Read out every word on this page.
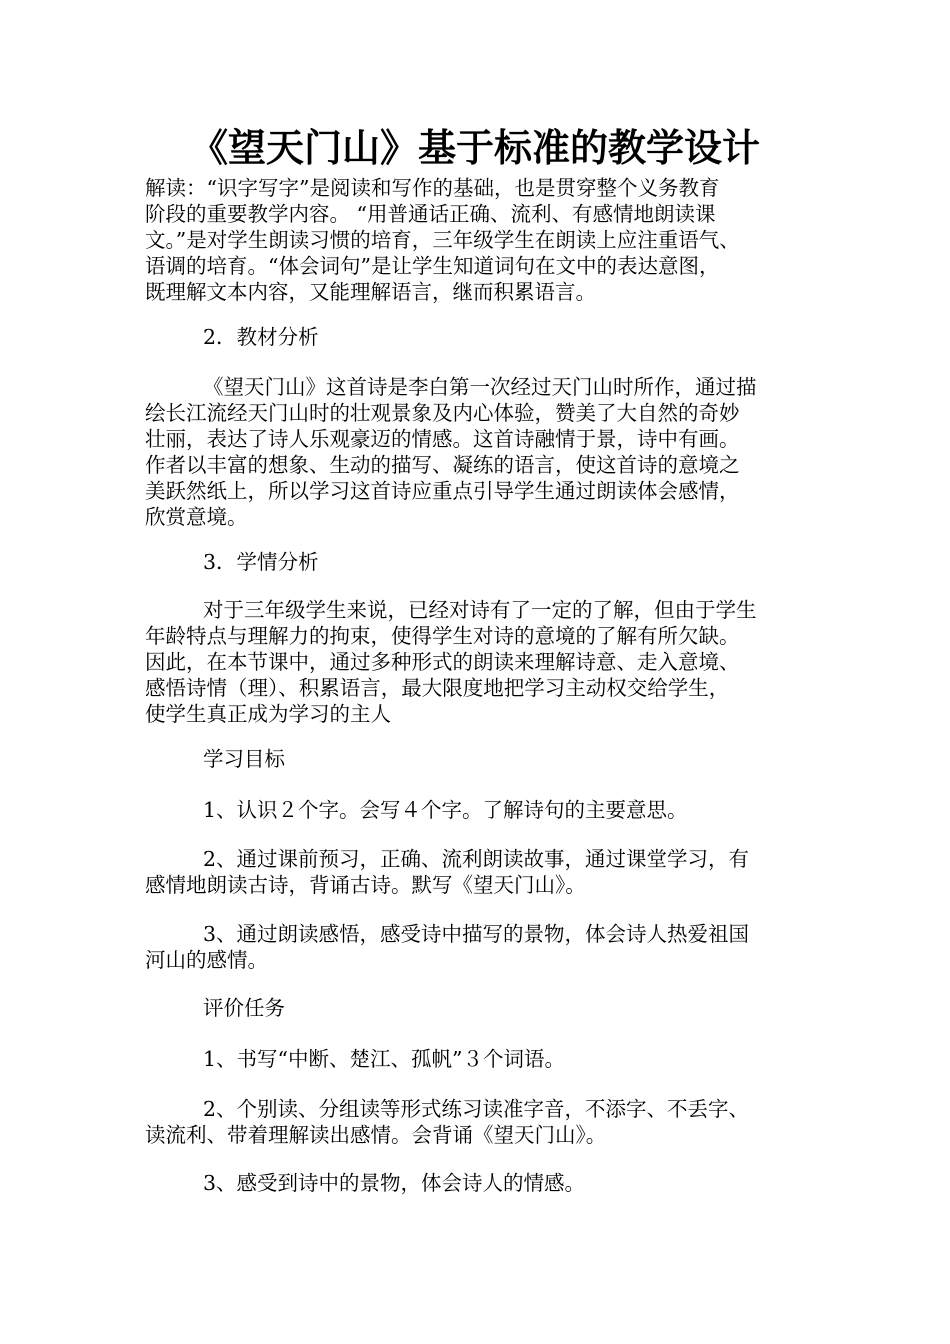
《望天门山》基于标准的教学设计

解读：“识字写字”是阅读和写作的基础，也是贯穿整个义务教育

阶段的重要教学内容。 “用普通话正确、流利、有感情地朗读课

文。”是对学生朗读习惯的培育，三年级学生在朗读上应注重语气、

语调的培育。“体会词句”是让学生知道词句在文中的表达意图，

既理解文本内容，又能理解语言，继而积累语言。

2．教材分析

《望天门山》这首诗是李白第一次经过天门山时所作，通过描

绘长江流经天门山时的壮观景象及内心体验，赞美了大自然的奇妙

壮丽，表达了诗人乐观豪迈的情感。这首诗融情于景，诗中有画。

作者以丰富的想象、生动的描写、凝练的语言，使这首诗的意境之

美跃然纸上，所以学习这首诗应重点引导学生通过朗读体会感情，

欣赏意境。

3．学情分析

对于三年级学生来说，已经对诗有了一定的了解，但由于学生

年龄特点与理解力的拘束，使得学生对诗的意境的了解有所欠缺。

因此，在本节课中，通过多种形式的朗读来理解诗意、走入意境、

感悟诗情（理）、积累语言，最大限度地把学习主动权交给学生，

使学生真正成为学习的主人

学习目标

1、认识２个字。会写４个字。了解诗句的主要意思。

2、通过课前预习，正确、流利朗读故事，通过课堂学习，有

感情地朗读古诗，背诵古诗。默写《望天门山》。

3、通过朗读感悟，感受诗中描写的景物，体会诗人热爱祖国

河山的感情。

评价任务

1、书写“中断、楚江、孤帆”３个词语。

2、个别读、分组读等形式练习读准字音，不添字、不丢字、

读流利、带着理解读出感情。会背诵《望天门山》。

3、感受到诗中的景物，体会诗人的情感。
